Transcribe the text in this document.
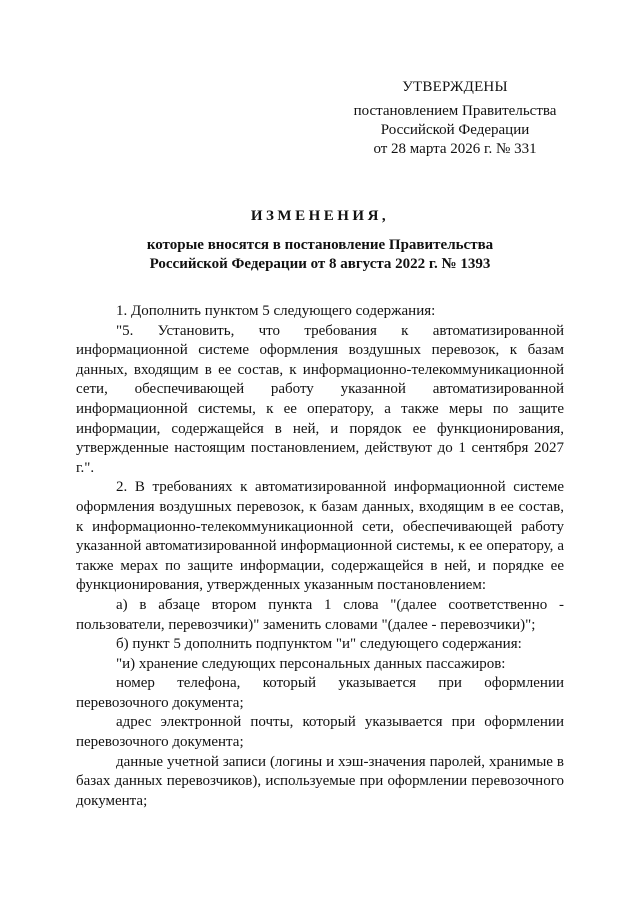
УТВЕРЖДЕНЫ
постановлением Правительства
Российской Федерации
от 28 марта 2026 г. № 331
ИЗМЕНЕНИЯ,
которые вносятся в постановление Правительства
Российской Федерации от 8 августа 2022 г. № 1393

1. Дополнить пунктом 5 следующего содержания:

"5. Установить, что требования к автоматизированной информационной системе оформления воздушных перевозок, к базам данных, входящим в ее состав, к информационно-телекоммуникационной сети, обеспечивающей работу указанной автоматизированной информационной системы, к ее оператору, а также меры по защите информации, содержащейся в ней, и порядок ее функционирования, утвержденные настоящим постановлением, действуют до 1 сентября 2027 г.".

2. В требованиях к автоматизированной информационной системе оформления воздушных перевозок, к базам данных, входящим в ее состав, к информационно-телекоммуникационной сети, обеспечивающей работу указанной автоматизированной информационной системы, к ее оператору, а также мерах по защите информации, содержащейся в ней, и порядке ее функционирования, утвержденных указанным постановлением:

а) в абзаце втором пункта 1 слова "(далее соответственно - пользователи, перевозчики)" заменить словами "(далее - перевозчики)";

б) пункт 5 дополнить подпунктом "и" следующего содержания:

"и) хранение следующих персональных данных пассажиров:

номер телефона, который указывается при оформлении перевозочного документа;

адрес электронной почты, который указывается при оформлении перевозочного документа;

данные учетной записи (логины и хэш-значения паролей, хранимые в базах данных перевозчиков), используемые при оформлении перевозочного документа;
